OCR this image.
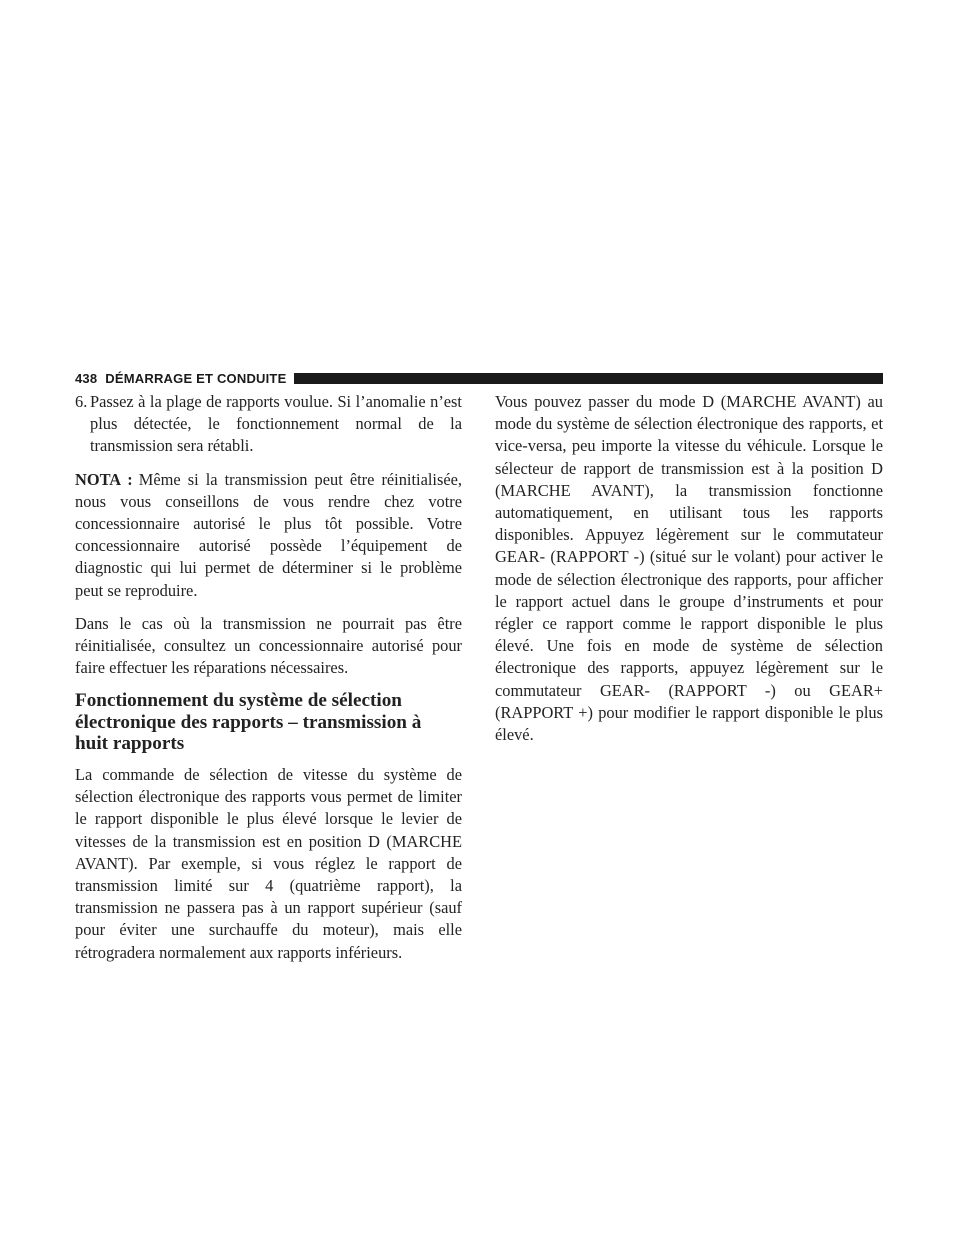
438 DÉMARRAGE ET CONDUITE

6. Passez à la plage de rapports voulue. Si l’anomalie n’est plus détectée, le fonctionnement normal de la transmission sera rétabli.

NOTA : Même si la transmission peut être réinitialisée, nous vous conseillons de vous rendre chez votre concessionnaire autorisé le plus tôt possible. Votre concessionnaire autorisé possède l’équipement de diagnostic qui lui permet de déterminer si le problème peut se reproduire.

Dans le cas où la transmission ne pourrait pas être réinitialisée, consultez un concessionnaire autorisé pour faire effectuer les réparations nécessaires.

Fonctionnement du système de sélection
électronique des rapports – transmission à
huit rapports

La commande de sélection de vitesse du système de sélection électronique des rapports vous permet de limiter le rapport disponible le plus élevé lorsque le levier de vitesses de la transmission est en position D (MARCHE AVANT). Par exemple, si vous réglez le rapport de transmission limité sur 4 (quatrième rapport), la transmission ne passera pas à un rapport supérieur (sauf pour éviter une surchauffe du moteur), mais elle rétrogradera normalement aux rapports inférieurs.

Vous pouvez passer du mode D (MARCHE AVANT) au mode du système de sélection électronique des rapports, et vice-versa, peu importe la vitesse du véhicule. Lorsque le sélecteur de rapport de transmission est à la position D (MARCHE AVANT), la transmission fonctionne automatiquement, en utilisant tous les rapports disponibles. Appuyez légèrement sur le commutateur GEAR- (RAPPORT -) (situé sur le volant) pour activer le mode de sélection électronique des rapports, pour afficher le rapport actuel dans le groupe d’instruments et pour régler ce rapport comme le rapport disponible le plus élevé. Une fois en mode de système de sélection électronique des rapports, appuyez légèrement sur le commutateur GEAR- (RAPPORT -) ou GEAR+ (RAPPORT +) pour modifier le rapport disponible le plus élevé.
